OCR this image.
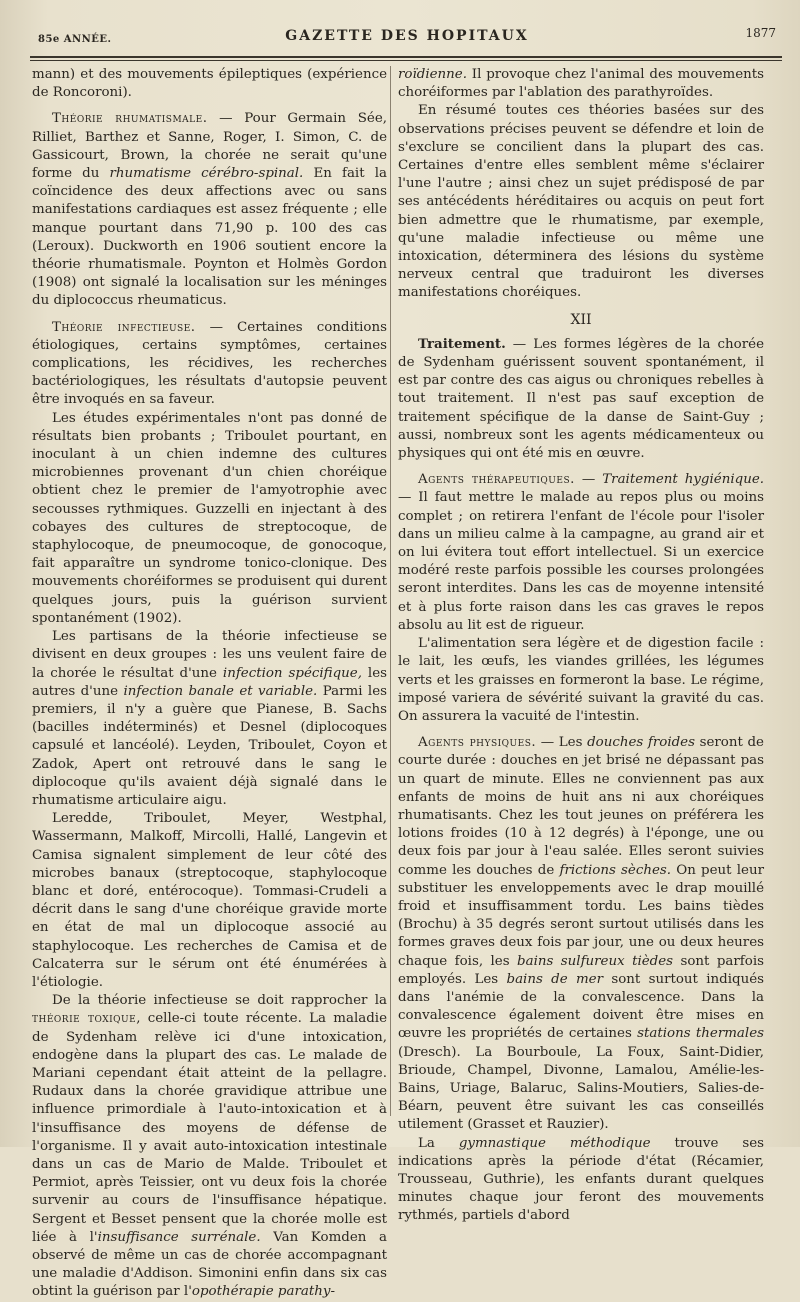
85e ANNÉE.	GAZETTE DES HOPITAUX	1877

mann) et des mouvements épileptiques (expérience de Roncoroni).

Théorie rhumatismale. — Pour Germain Sée, Rilliet, Barthez et Sanne, Roger, I. Simon, C. de Gassicourt, Brown, la chorée ne serait qu'une forme du rhumatisme cérébro-spinal. En fait la coïncidence des deux affections avec ou sans manifestations cardiaques est assez fréquente ; elle manque pourtant dans 71,90 p. 100 des cas (Leroux). Duckworth en 1906 soutient encore la théorie rhumatismale. Poynton et Holmès Gordon (1908) ont signalé la localisation sur les méninges du diplococcus rheumaticus.

Théorie infectieuse. — Certaines conditions étiologiques, certains symptômes, certaines complications, les récidives, les recherches bactériologiques, les résultats d'autopsie peuvent être invoqués en sa faveur.

Les études expérimentales n'ont pas donné de résultats bien probants ; Triboulet pourtant, en inoculant à un chien indemne des cultures microbiennes provenant d'un chien choréique obtient chez le premier de l'amyotrophie avec secousses rythmiques. Guzzelli en injectant à des cobayes des cultures de streptocoque, de staphylocoque, de pneumocoque, de gonocoque, fait apparaître un syndrome tonico-clonique. Des mouvements choréiformes se produisent qui durent quelques jours, puis la guérison survient spontanément (1902).

Les partisans de la théorie infectieuse se divisent en deux groupes : les uns veulent faire de la chorée le résultat d'une infection spécifique, les autres d'une infection banale et variable. Parmi les premiers, il n'y a guère que Pianese, B. Sachs (bacilles indéterminés) et Desnel (diplocoques capsulé et lancéolé). Leyden, Triboulet, Coyon et Zadok, Apert ont retrouvé dans le sang le diplocoque qu'ils avaient déjà signalé dans le rhumatisme articulaire aigu.

Leredde, Triboulet, Meyer, Westphal, Wassermann, Malkoff, Mircolli, Hallé, Langevin et Camisa signalent simplement de leur côté des microbes banaux (streptocoque, staphylocoque blanc et doré, entérocoque). Tommasi-Crudeli a décrit dans le sang d'une choréique gravide morte en état de mal un diplocoque associé au staphylocoque. Les recherches de Camisa et de Calcaterra sur le sérum ont été énumérées à l'étiologie.

De la théorie infectieuse se doit rapprocher la théorie toxique, celle-ci toute récente. La maladie de Sydenham relève ici d'une intoxication, endogène dans la plupart des cas. Le malade de Mariani cependant était atteint de la pellagre. Rudaux dans la chorée gravidique attribue une influence primordiale à l'auto-intoxication et à l'insuffisance des moyens de défense de l'organisme. Il y avait auto-intoxication intestinale dans un cas de Mario de Malde. Triboulet et Permiot, après Teissier, ont vu deux fois la chorée survenir au cours de l'insuffisance hépatique. Sergent et Besset pensent que la chorée molle est liée à l'insuffisance surrénale. Van Komden a observé de même un cas de chorée accompagnant une maladie d'Addison. Simonini enfin dans six cas obtint la guérison par l'opothérapie parathy-

roïdienne. Il provoque chez l'animal des mouvements choréiformes par l'ablation des parathyroïdes.

En résumé toutes ces théories basées sur des observations précises peuvent se défendre et loin de s'exclure se concilient dans la plupart des cas. Certaines d'entre elles semblent même s'éclairer l'une l'autre ; ainsi chez un sujet prédisposé de par ses antécédents héréditaires ou acquis on peut fort bien admettre que le rhumatisme, par exemple, qu'une maladie infectieuse ou même une intoxication, déterminera des lésions du système nerveux central que traduiront les diverses manifestations choréiques.

XII

Traitement. — Les formes légères de la chorée de Sydenham guérissent souvent spontanément, il est par contre des cas aigus ou chroniques rebelles à tout traitement. Il n'est pas sauf exception de traitement spécifique de la danse de Saint-Guy ; aussi, nombreux sont les agents médicamenteux ou physiques qui ont été mis en œuvre.

Agents thérapeutiques. — Traitement hygiénique. — Il faut mettre le malade au repos plus ou moins complet ; on retirera l'enfant de l'école pour l'isoler dans un milieu calme à la campagne, au grand air et on lui évitera tout effort intellectuel. Si un exercice modéré reste parfois possible les courses prolongées seront interdites. Dans les cas de moyenne intensité et à plus forte raison dans les cas graves le repos absolu au lit est de rigueur.

L'alimentation sera légère et de digestion facile : le lait, les œufs, les viandes grillées, les légumes verts et les graisses en formeront la base. Le régime, imposé variera de sévérité suivant la gravité du cas. On assurera la vacuité de l'intestin.

Agents physiques. — Les douches froides seront de courte durée : douches en jet brisé ne dépassant pas un quart de minute. Elles ne conviennent pas aux enfants de moins de huit ans ni aux choréiques rhumatisants. Chez les tout jeunes on préférera les lotions froides (10 à 12 degrés) à l'éponge, une ou deux fois par jour à l'eau salée. Elles seront suivies comme les douches de frictions sèches. On peut leur substituer les enveloppements avec le drap mouillé froid et insuffisamment tordu. Les bains tièdes (Brochu) à 35 degrés seront surtout utilisés dans les formes graves deux fois par jour, une ou deux heures chaque fois, les bains sulfureux tièdes sont parfois employés. Les bains de mer sont surtout indiqués dans l'anémie de la convalescence. Dans la convalescence également doivent être mises en œuvre les propriétés de certaines stations thermales (Dresch). La Bourboule, La Foux, Saint-Didier, Brioude, Champel, Divonne, Lamalou, Amélie-les-Bains, Uriage, Balaruc, Salins-Moutiers, Salies-de-Béarn, peuvent être suivant les cas conseillés utilement (Grasset et Rauzier).

La gymnastique méthodique trouve ses indications après la période d'état (Récamier, Trousseau, Guthrie), les enfants durant quelques minutes chaque jour feront des mouvements rythmés, partiels d'abord
